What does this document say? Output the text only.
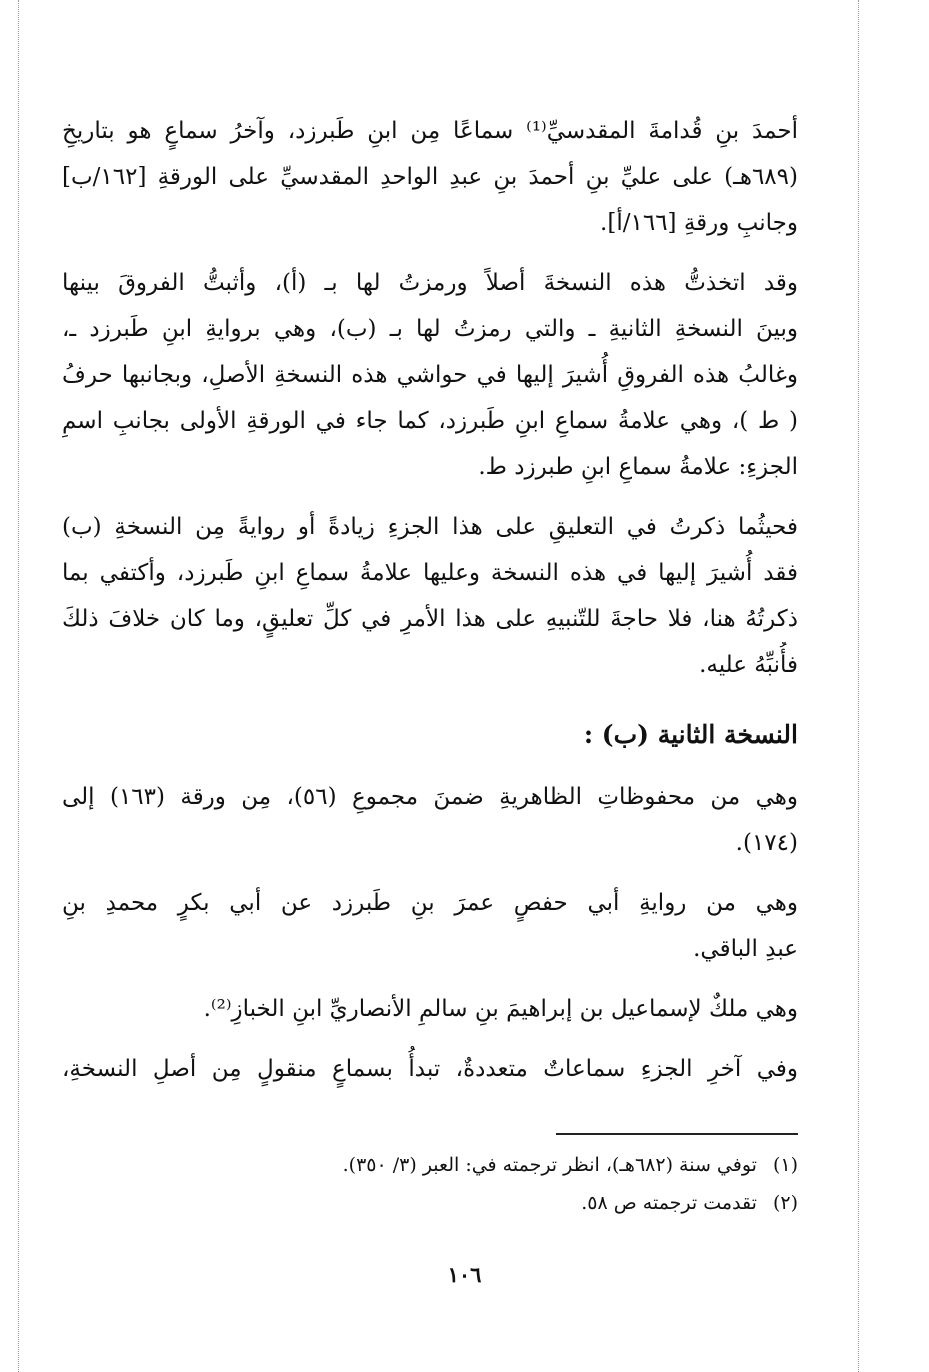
أحمدَ بنِ قُدامةَ المقدسيِّ⁽¹⁾ سماعًا مِن ابنِ طَبرزد، وآخرُ سماعٍ هو بتاريخِ
(٦٨٩هـ) على عليِّ بنِ أحمدَ بنِ عبدِ الواحدِ المقدسيِّ على الورقةِ [١٦٢/ب]
وجانبِ ورقةِ [١٦٦/أ].
وقد اتخذتُّ هذه النسخةَ أصلاً ورمزتُ لها بـ (أ)، وأثبتُّ الفروقَ بينها
وبينَ النسخةِ الثانيةِ ـ والتي رمزتُ لها بـ (ب)، وهي بروايةِ ابنِ طَبرزد ـ،
وغالبُ هذه الفروقِ أُشيرَ إليها في حواشي هذه النسخةِ الأصلِ، وبجانبها حرفُ
( ط )، وهي علامةُ سماعِ ابنِ طَبرزد، كما جاء في الورقةِ الأولى بجانبِ اسمِ
الجزءِ: علامةُ سماعِ ابنِ طبرزد ط.
فحيثُما ذكرتُ في التعليقِ على هذا الجزءِ زيادةً أو روايةً مِن النسخةِ (ب)
فقد أُشيرَ إليها في هذه النسخة وعليها علامةُ سماعِ ابنِ طَبرزد، وأكتفي بما
ذكرتُهُ هنا، فلا حاجةَ للتّنبيهِ على هذا الأمرِ في كلِّ تعليقٍ، وما كان خلافَ ذلكَ
فأُنبِّهُ عليه.
النسخة الثانية (ب) :
وهي من محفوظاتِ الظاهريةِ ضمنَ مجموعِ (٥٦)، مِن ورقة (١٦٣) إلى
(١٧٤).
وهي من روايةِ أبي حفصٍ عمرَ بنِ طَبرزد عن أبي بكرٍ محمدِ بنِ
عبدِ الباقي.
وهي ملكٌ لإسماعيل بن إبراهيمَ بنِ سالمِ الأنصاريِّ ابنِ الخبازِ⁽²⁾.
وفي آخرِ الجزءِ سماعاتٌ متعددةٌ، تبدأُ بسماعٍ منقولٍ مِن أصلِ النسخةِ،
(١)توفي سنة (٦٨٢هـ)، انظر ترجمته في: العبر (٣/ ٣٥٠).
(٢)تقدمت ترجمته ص ٥٨.
١٠٦
